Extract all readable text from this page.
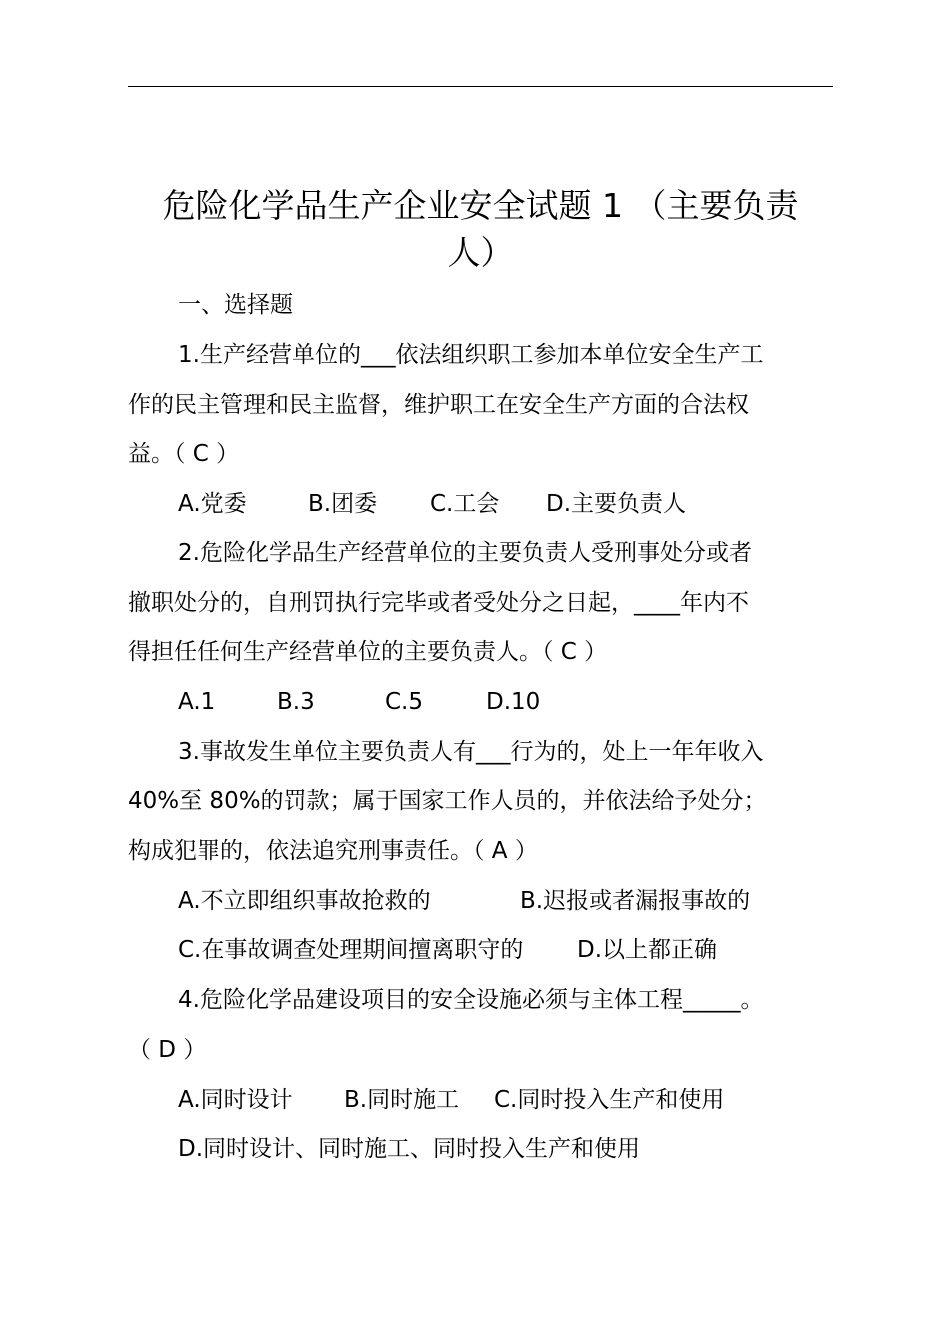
危险化学品生产企业安全试题 1 （主要负责
人）
一、选择题
1.生产经营单位的___依法组织职工参加本单位安全生产工
作的民主管理和民主监督，维护职工在安全生产方面的合法权
益。（ C ）
A.党委	B.团委 C.工会 D.主要负责人
2.危险化学品生产经营单位的主要负责人受刑事处分或者
撤职处分的，自刑罚执行完毕或者受处分之日起，____年内不
得担任任何生产经营单位的主要负责人。（ C ）
A.1	B.3	C.5	D.10
3.事故发生单位主要负责人有___行为的，处上一年年收入
40%至 80%的罚款；属于国家工作人员的，并依法给予处分；
构成犯罪的，依法追究刑事责任。（ A ）
A.不立即组织事故抢救的	B.迟报或者漏报事故的
C.在事故调查处理期间擅离职守的 D.以上都正确
4.危险化学品建设项目的安全设施必须与主体工程_____。
（ D ）
A.同时设计 B.同时施工 C.同时投入生产和使用
D.同时设计、同时施工、同时投入生产和使用
